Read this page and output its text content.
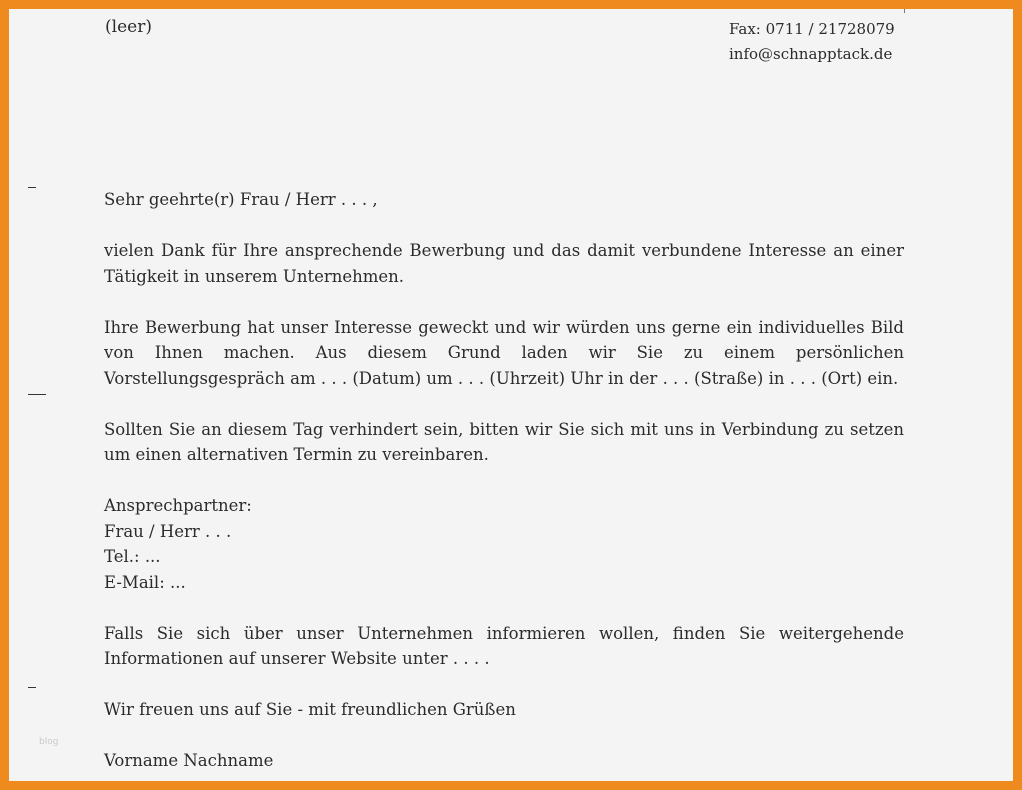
(leer)	Fax: 0711 / 21728079
info@schnapptack.de

Sehr geehrte(r) Frau / Herr . . . ,

vielen Dank für Ihre ansprechende Bewerbung und das damit verbundene Interesse an einer Tätigkeit in unserem Unternehmen.

Ihre Bewerbung hat unser Interesse geweckt und wir würden uns gerne ein individuelles Bild von Ihnen machen. Aus diesem Grund laden wir Sie zu einem persönlichen Vorstellungsgespräch am . . . (Datum) um . . . (Uhrzeit) Uhr in der . . . (Straße) in . . . (Ort) ein.

Sollten Sie an diesem Tag verhindert sein, bitten wir Sie sich mit uns in Verbindung zu setzen um einen alternativen Termin zu vereinbaren.

Ansprechpartner:

Frau / Herr . . .

Tel.: ...

E-Mail: ...

Falls Sie sich über unser Unternehmen informieren wollen, finden Sie weitergehende Informationen auf unserer Website unter . . . .

Wir freuen uns auf Sie - mit freundlichen Grüßen

Vorname Nachname

blog
